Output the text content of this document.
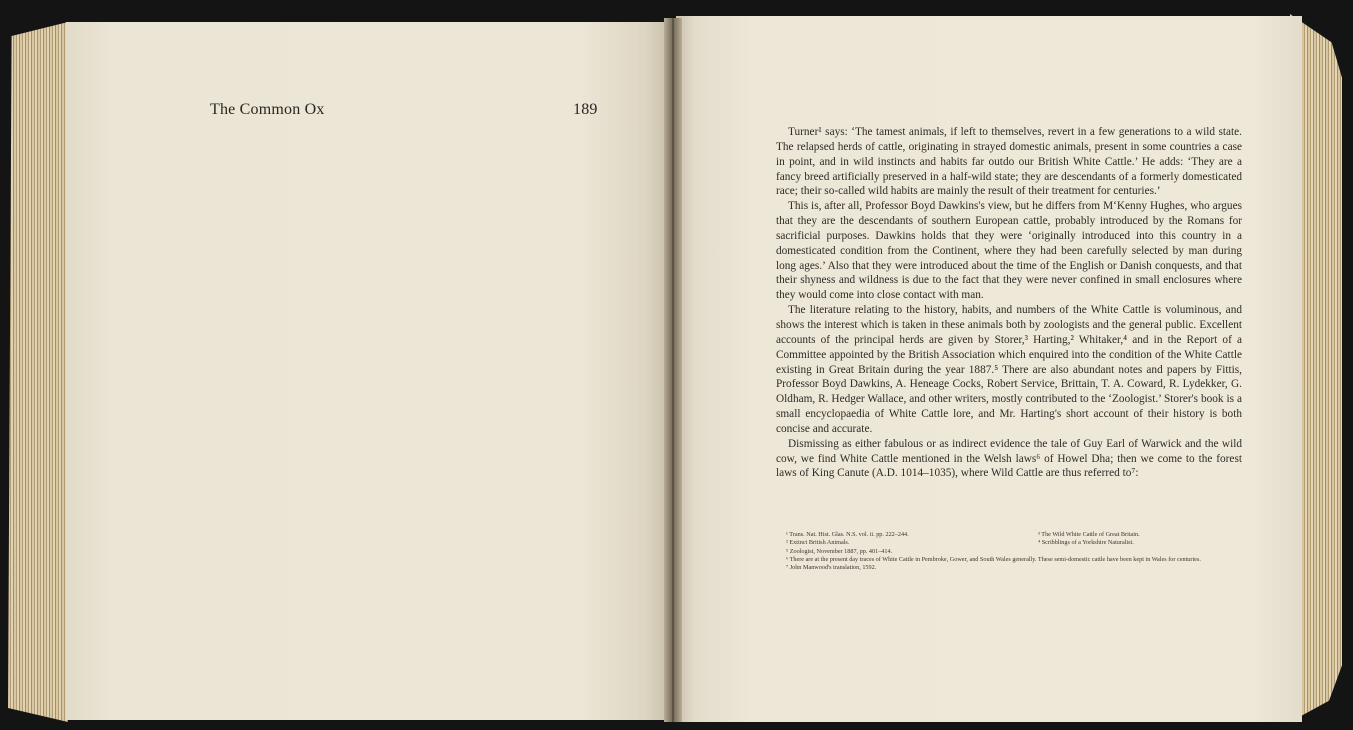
The Common Ox	189

Turner¹ says: ‘The tamest animals, if left to themselves, revert in a few generations to a wild state. The relapsed herds of cattle, originating in strayed domestic animals, present in some countries a case in point, and in wild instincts and habits far outdo our British White Cattle.’ He adds: ‘They are a fancy breed artificially preserved in a half-wild state; they are descendants of a formerly domesticated race; their so-called wild habits are mainly the result of their treatment for centuries.’

This is, after all, Professor Boyd Dawkins's view, but he differs from M‘Kenny Hughes, who argues that they are the descendants of southern European cattle, probably introduced by the Romans for sacrificial purposes. Dawkins holds that they were ‘originally introduced into this country in a domesticated condition from the Continent, where they had been carefully selected by man during long ages.’ Also that they were introduced about the time of the English or Danish conquests, and that their shyness and wildness is due to the fact that they were never confined in small enclosures where they would come into close contact with man.

The literature relating to the history, habits, and numbers of the White Cattle is voluminous, and shows the interest which is taken in these animals both by zoologists and the general public. Excellent accounts of the principal herds are given by Storer,³ Harting,² Whitaker,⁴ and in the Report of a Committee appointed by the British Association which enquired into the condition of the White Cattle existing in Great Britain during the year 1887.⁵ There are also abundant notes and papers by Fittis, Professor Boyd Dawkins, A. Heneage Cocks, Robert Service, Brittain, T. A. Coward, R. Lydekker, G. Oldham, R. Hedger Wallace, and other writers, mostly contributed to the ‘Zoologist.’ Storer's book is a small encyclopaedia of White Cattle lore, and Mr. Harting's short account of their history is both concise and accurate.

Dismissing as either fabulous or as indirect evidence the tale of Guy Earl of Warwick and the wild cow, we find White Cattle mentioned in the Welsh laws⁶ of Howel Dha; then we come to the forest laws of King Canute (A.D. 1014–1035), where Wild Cattle are thus referred to⁷:

¹ Trans. Nat. Hist. Glas. N.S. vol. ii. pp. 222–244.	³ The Wild White Cattle of Great Britain.
² Extinct British Animals.	⁴ Scribblings of a Yorkshire Naturalist.
⁵ Zoologist, November 1887, pp. 401–414.
⁶ There are at the present day traces of White Cattle in Pembroke, Gower, and South Wales generally. These semi-domestic cattle have been kept in Wales for centuries.
⁷ John Manwood's translation, 1592.
